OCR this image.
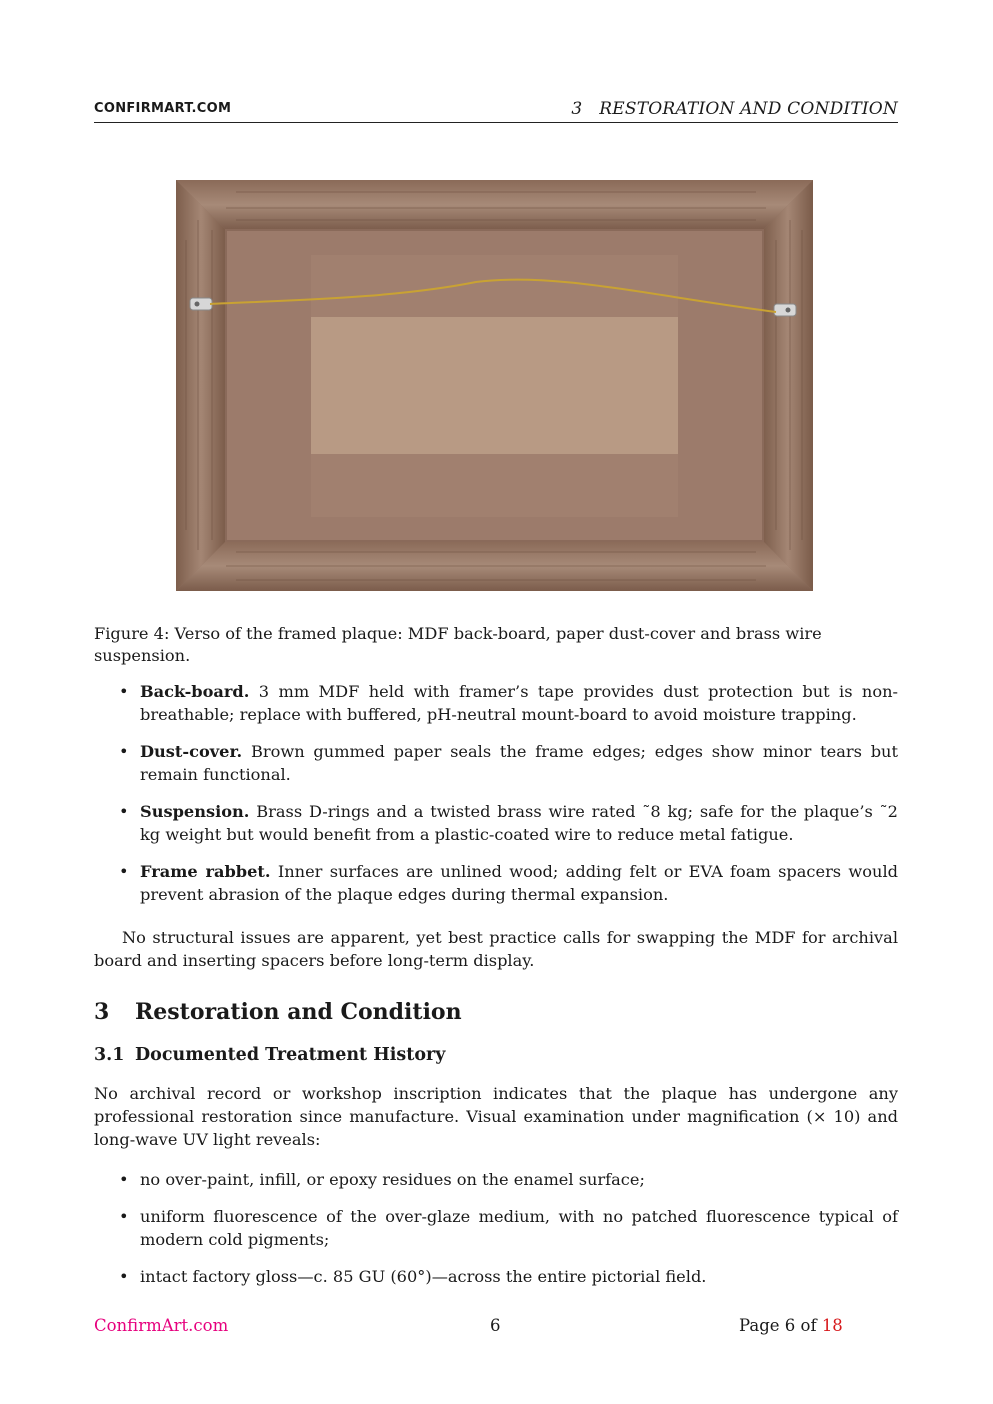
CONFIRMART.COM	3 RESTORATION AND CONDITION
Figure 4: Verso of the framed plaque: MDF back-board, paper dust-cover and brass wire suspension.
• Back-board. 3 mm MDF held with framer’s tape provides dust protection but is non-breathable; replace with buffered, pH-neutral mount-board to avoid moisture trapping.
• Dust-cover. Brown gummed paper seals the frame edges; edges show minor tears but remain functional.
• Suspension. Brass D-rings and a twisted brass wire rated ˜8 kg; safe for the plaque’s ˜2 kg weight but would benefit from a plastic-coated wire to reduce metal fatigue.
• Frame rabbet. Inner surfaces are unlined wood; adding felt or EVA foam spacers would prevent abrasion of the plaque edges during thermal expansion.
No structural issues are apparent, yet best practice calls for swapping the MDF for archival board and inserting spacers before long-term display.
3 Restoration and Condition
3.1 Documented Treatment History
No archival record or workshop inscription indicates that the plaque has undergone any professional restoration since manufacture. Visual examination under magnification (× 10) and long-wave UV light reveals:
• no over-paint, infill, or epoxy residues on the enamel surface;
• uniform fluorescence of the over-glaze medium, with no patched fluorescence typical of modern cold pigments;
• intact factory gloss—c. 85 GU (60°)—across the entire pictorial field.
ConfirmArt.com	6	Page 6 of 18
